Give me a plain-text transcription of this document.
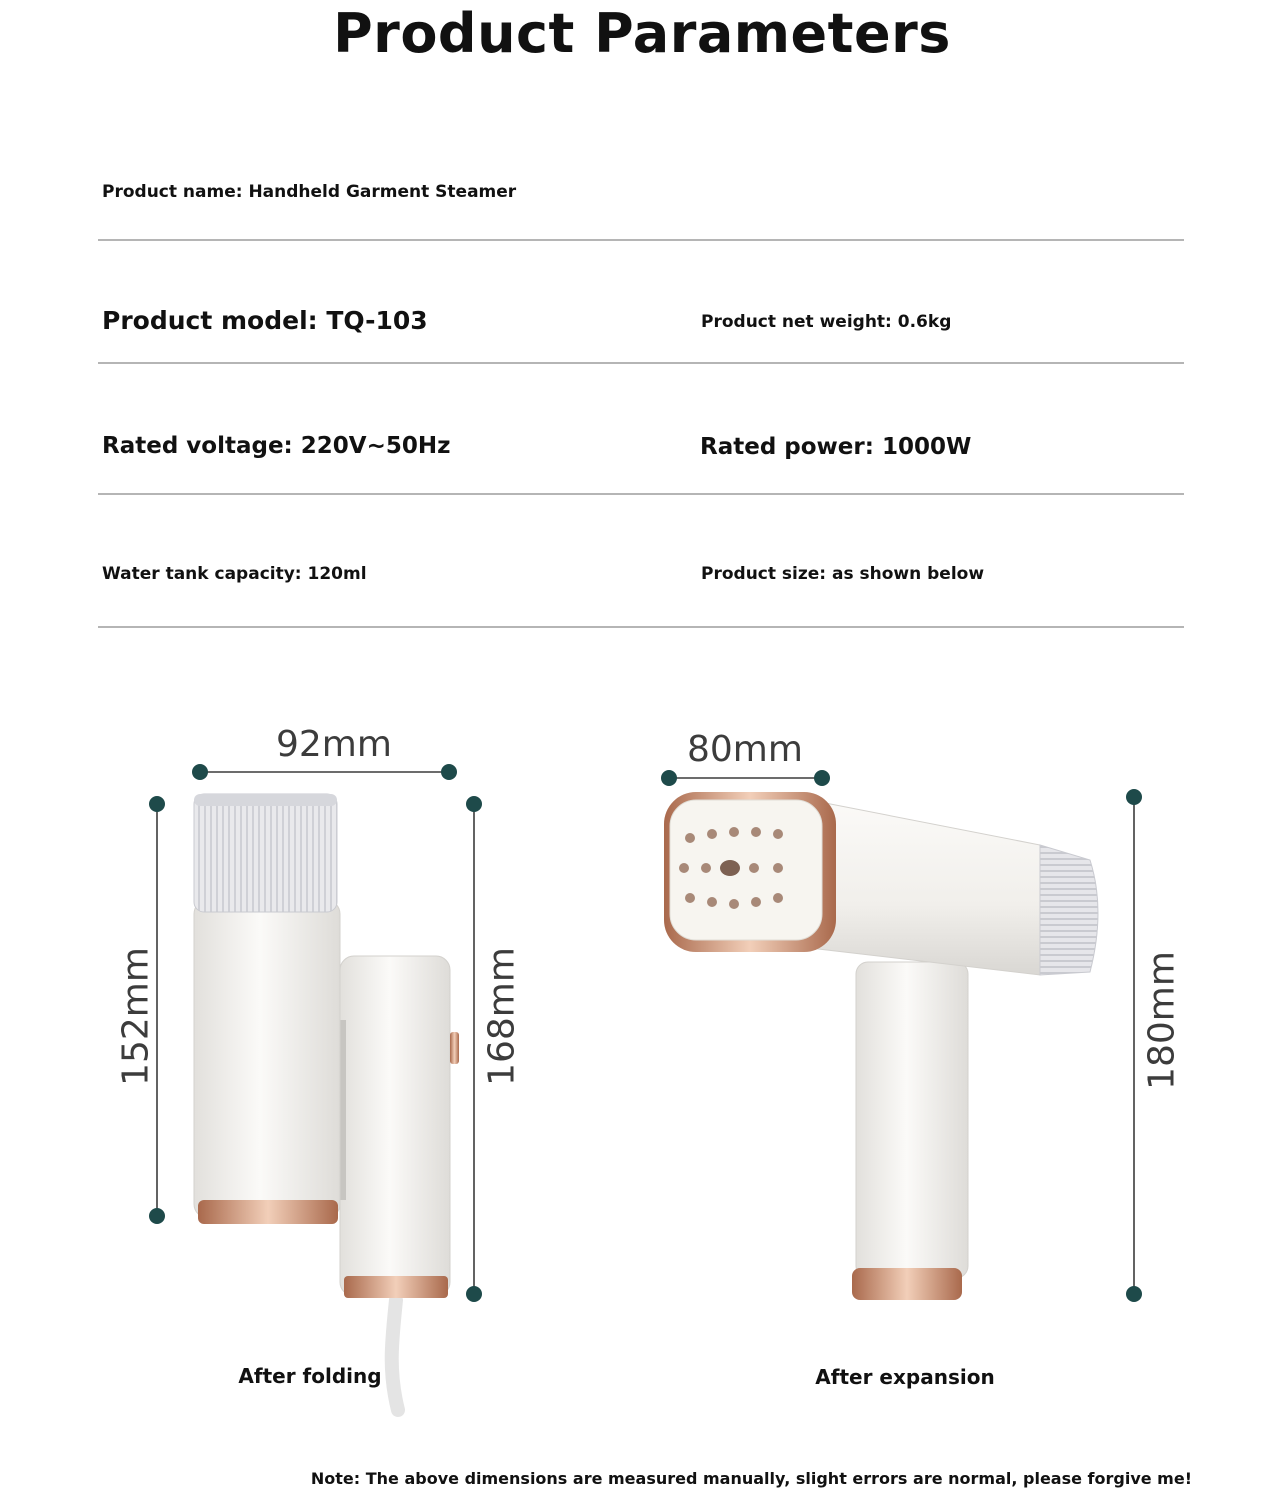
Product Parameters
Product name: Handheld Garment Steamer
Product model: TQ-103	Product net weight: 0.6kg
Rated voltage: 220V~50Hz	Rated power: 1000W
Water tank capacity: 120ml	Product size: as shown below
92mm	80mm
152mm	168mm	180mm
After folding	After expansion
Note: The above dimensions are measured manually, slight errors are normal, please forgive me!
